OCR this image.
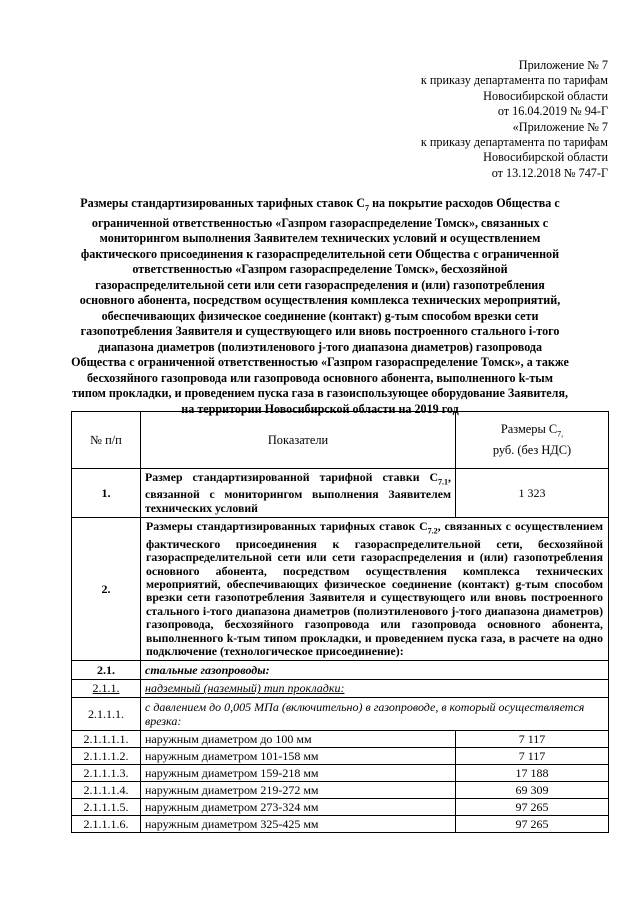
Приложение № 7
к приказу департамента по тарифам
Новосибирской области
от 16.04.2019 № 94-Г
«Приложение № 7
к приказу департамента по тарифам
Новосибирской области
от 13.12.2018 № 747-Г
Размеры стандартизированных тарифных ставок $С_7$ на покрытие расходов Общества с ограниченной ответственностью «Газпром газораспределение Томск», связанных с мониторингом выполнения Заявителем технических условий и осуществлением фактического присоединения к газораспределительной сети Общества с ограниченной ответственностью «Газпром газораспределение Томск», бесхозяйной газораспределительной сети или сети газораспределения и (или) газопотребления основного абонента, посредством осуществления комплекса технических мероприятий, обеспечивающих физическое соединение (контакт) g-тым способом врезки сети газопотребления Заявителя и существующего или вновь построенного стального i-того диапазона диаметров (полиэтиленового j-того диапазона диаметров) газопровода Общества с ограниченной ответственностью «Газпром газораспределение Томск», а также бесхозяйного газопровода или газопровода основного абонента, выполненного k-тым типом прокладки, и проведением пуска газа в газоиспользующее оборудование Заявителя, на территории Новосибирской области на 2019 год
№ п/п	Показатели	Размеры $С_{7,}$
руб. (без НДС)
1.	Размер стандартизированной тарифной ставки $С_{7.1}$, связанной с мониторингом выполнения Заявителем технических условий	1 323
2.	Размеры стандартизированных тарифных ставок $С_{7.2}$, связанных с осуществлением фактического присоединения к газораспределительной сети, бесхозяйной газораспределительной сети или сети газораспределения и (или) газопотребления основного абонента, посредством осуществления комплекса технических мероприятий, обеспечивающих физическое соединение (контакт) g-тым способом врезки сети газопотребления Заявителя и существующего или вновь построенного стального i-того диапазона диаметров (полиэтиленового j-того диапазона диаметров) газопровода, бесхозяйного газопровода или газопровода основного абонента, выполненного k-тым типом прокладки, и проведением пуска газа, в расчете на одно подключение (технологическое присоединение):	
2.1.	стальные газопроводы:	
2.1.1.	надземный (наземный) тип прокладки:	
2.1.1.1.	с давлением до 0,005 МПа (включительно) в газопроводе, в который осуществляется врезка:	
2.1.1.1.1.	наружным диаметром до 100 мм	7 117
2.1.1.1.2.	наружным диаметром 101-158 мм	7 117
2.1.1.1.3.	наружным диаметром 159-218 мм	17 188
2.1.1.1.4.	наружным диаметром 219-272 мм	69 309
2.1.1.1.5.	наружным диаметром 273-324 мм	97 265
2.1.1.1.6.	наружным диаметром 325-425 мм	97 265
